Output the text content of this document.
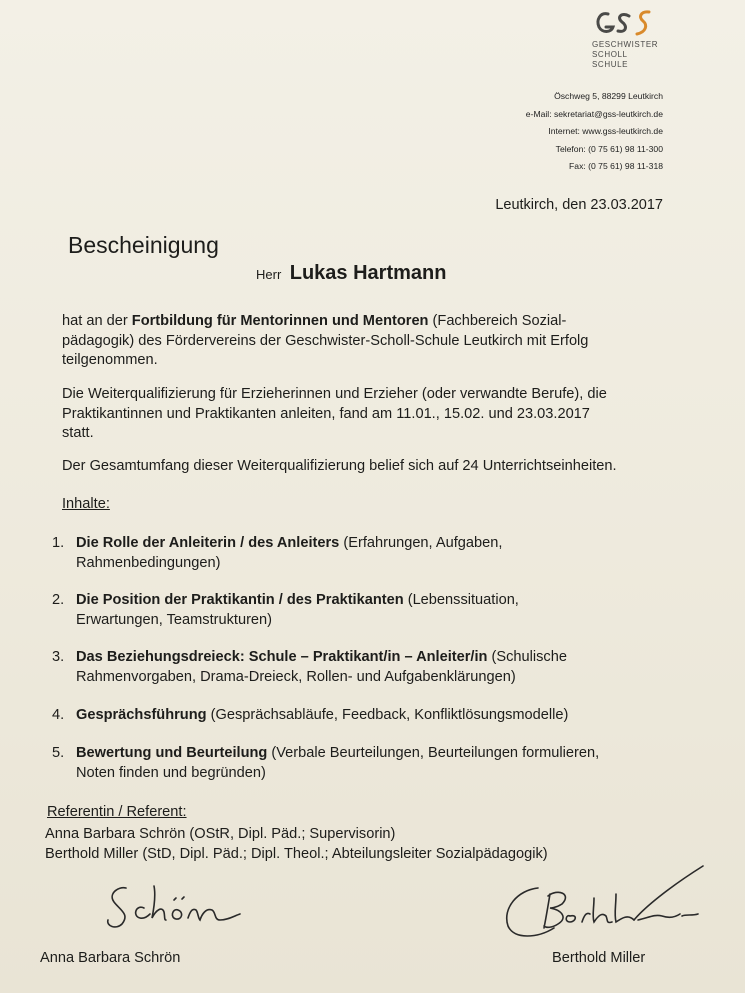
GESCHWISTER
SCHOLL
SCHULE
Öschweg 5, 88299 Leutkirch
e-Mail: sekretariat@gss-leutkirch.de
Internet: www.gss-leutkirch.de
Telefon: (0 75 61) 98 11-300
Fax: (0 75 61) 98 11-318
Leutkirch, den 23.03.2017
Bescheinigung
Herr Lukas Hartmann

hat an der Fortbildung für Mentorinnen und Mentoren (Fachbereich Sozial-
pädagogik) des Fördervereins der Geschwister-Scholl-Schule Leutkirch mit Erfolg
teilgenommen.

Die Weiterqualifizierung für Erzieherinnen und Erzieher (oder verwandte Berufe), die
Praktikantinnen und Praktikanten anleiten, fand am 11.01., 15.02. und 23.03.2017
statt.

Der Gesamtumfang dieser Weiterqualifizierung belief sich auf 24 Unterrichtseinheiten.

Inhalte:

1. Die Rolle der Anleiterin / des Anleiters (Erfahrungen, Aufgaben,
Rahmenbedingungen)
2. Die Position der Praktikantin / des Praktikanten (Lebenssituation,
Erwartungen, Teamstrukturen)
3. Das Beziehungsdreieck: Schule – Praktikant/in – Anleiter/in (Schulische
Rahmenvorgaben, Drama-Dreieck, Rollen- und Aufgabenklärungen)
4. Gesprächsführung (Gesprächsabläufe, Feedback, Konfliktlösungsmodelle)
5. Bewertung und Beurteilung (Verbale Beurteilungen, Beurteilungen formulieren,
Noten finden und begründen)

Referentin / Referent:

Anna Barbara Schrön (OStR, Dipl. Päd.; Supervisorin)
Berthold Miller (StD, Dipl. Päd.; Dipl. Theol.; Abteilungsleiter Sozialpädagogik)
Anna Barbara Schrön	Berthold Miller
